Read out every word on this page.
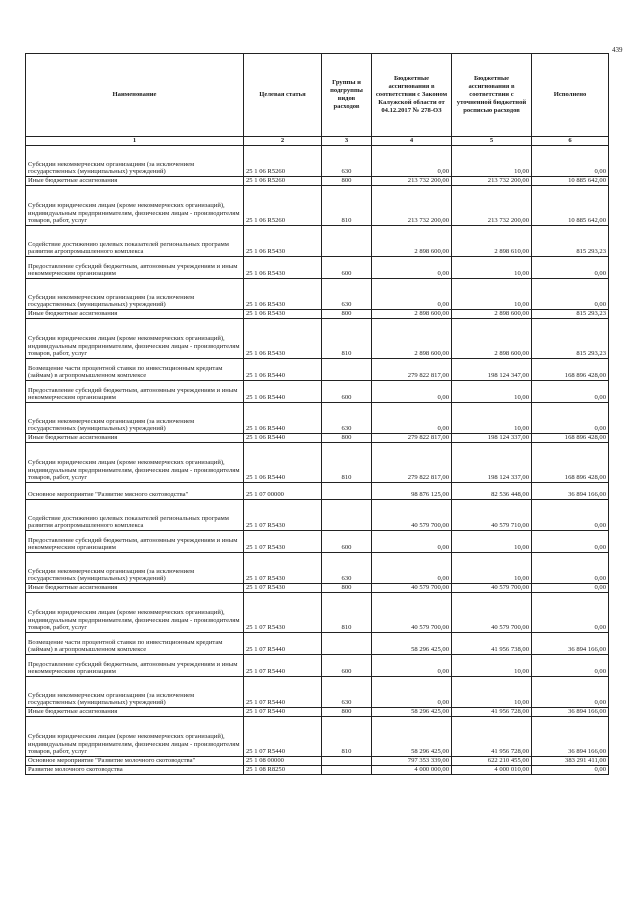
439
Наименование	Целевая статья	Группы и подгруппы видов расходов	Бюджетные ассигнования в соответствии с Законом Калужской области от 04.12.2017 № 278-ОЗ	Бюджетные ассигнования в соответствии с уточненной бюджетной росписью расходов	Исполнено
1	2	3	4	5	6
Субсидии некоммерческим организациям (за исключением государственных (муниципальных) учреждений)	25 1 06 R5260	630	0,00	10,00	0,00
Иные бюджетные ассигнования	25 1 06 R5260	800	213 732 200,00	213 732 200,00	10 885 642,00
Субсидии юридическим лицам (кроме некоммерческих организаций), индивидуальным предпринимателям, физическим лицам - производителям товаров, работ, услуг	25 1 06 R5260	810	213 732 200,00	213 732 200,00	10 885 642,00
Содействие достижению целевых показателей региональных программ развития агропромышленного комплекса	25 1 06 R5430		2 898 600,00	2 898 610,00	815 293,23
Предоставление субсидий бюджетным, автономным учреждениям и иным некоммерческим организациям	25 1 06 R5430	600	0,00	10,00	0,00
Субсидии некоммерческим организациям (за исключением государственных (муниципальных) учреждений)	25 1 06 R5430	630	0,00	10,00	0,00
Иные бюджетные ассигнования	25 1 06 R5430	800	2 898 600,00	2 898 600,00	815 293,23
Субсидии юридическим лицам (кроме некоммерческих организаций), индивидуальным предпринимателям, физическим лицам - производителям товаров, работ, услуг	25 1 06 R5430	810	2 898 600,00	2 898 600,00	815 293,23
Возмещение части процентной ставки по инвестиционным кредитам (займам) в агропромышленном комплексе	25 1 06 R5440		279 822 817,00	198 124 347,00	168 896 428,00
Предоставление субсидий бюджетным, автономным учреждениям и иным некоммерческим организациям	25 1 06 R5440	600	0,00	10,00	0,00
Субсидии некоммерческим организациям (за исключением государственных (муниципальных) учреждений)	25 1 06 R5440	630	0,00	10,00	0,00
Иные бюджетные ассигнования	25 1 06 R5440	800	279 822 817,00	198 124 337,00	168 896 428,00
Субсидии юридическим лицам (кроме некоммерческих организаций), индивидуальным предпринимателям, физическим лицам - производителям товаров, работ, услуг	25 1 06 R5440	810	279 822 817,00	198 124 337,00	168 896 428,00
Основное мероприятие "Развитие мясного скотоводства"	25 1 07 00000		98 876 125,00	82 536 448,00	36 894 166,00
Содействие достижению целевых показателей региональных программ развития агропромышленного комплекса	25 1 07 R5430		40 579 700,00	40 579 710,00	0,00
Предоставление субсидий бюджетным, автономным учреждениям и иным некоммерческим организациям	25 1 07 R5430	600	0,00	10,00	0,00
Субсидии некоммерческим организациям (за исключением государственных (муниципальных) учреждений)	25 1 07 R5430	630	0,00	10,00	0,00
Иные бюджетные ассигнования	25 1 07 R5430	800	40 579 700,00	40 579 700,00	0,00
Субсидии юридическим лицам (кроме некоммерческих организаций), индивидуальным предпринимателям, физическим лицам - производителям товаров, работ, услуг	25 1 07 R5430	810	40 579 700,00	40 579 700,00	0,00
Возмещение части процентной ставки по инвестиционным кредитам (займам) в агропромышленном комплексе	25 1 07 R5440		58 296 425,00	41 956 738,00	36 894 166,00
Предоставление субсидий бюджетным, автономным учреждениям и иным некоммерческим организациям	25 1 07 R5440	600	0,00	10,00	0,00
Субсидии некоммерческим организациям (за исключением государственных (муниципальных) учреждений)	25 1 07 R5440	630	0,00	10,00	0,00
Иные бюджетные ассигнования	25 1 07 R5440	800	58 296 425,00	41 956 728,00	36 894 166,00
Субсидии юридическим лицам (кроме некоммерческих организаций), индивидуальным предпринимателям, физическим лицам - производителям товаров, работ, услуг	25 1 07 R5440	810	58 296 425,00	41 956 728,00	36 894 166,00
Основное мероприятие "Развитие молочного скотоводства"	25 1 08 00000		797 353 339,00	622 210 455,00	383 291 411,00
Развитие молочного скотоводства	25 1 08 R8250		4 000 000,00	4 000 010,00	0,00
